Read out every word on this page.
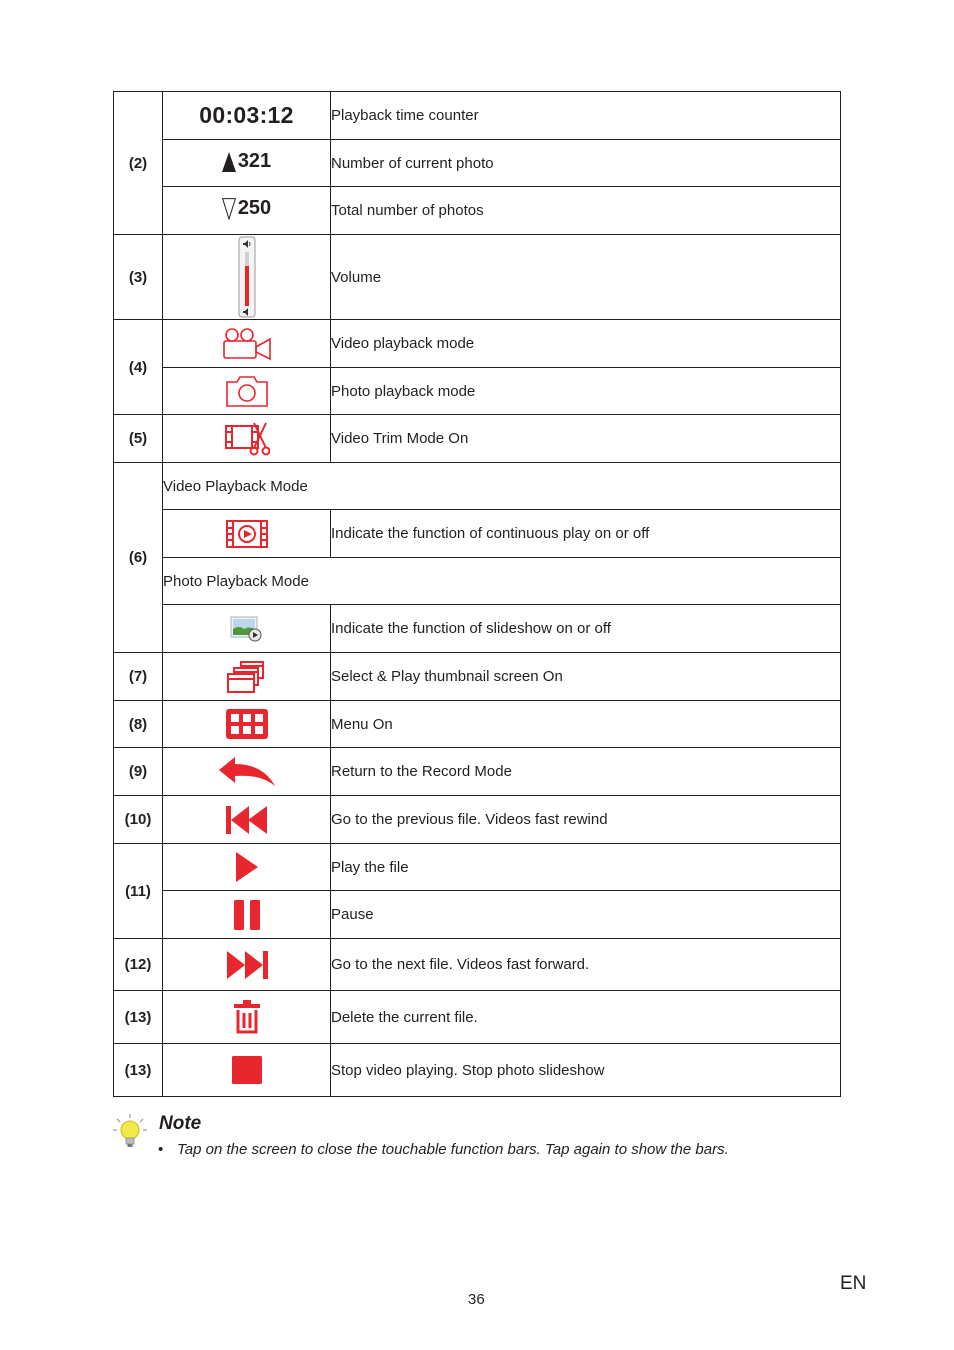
(2)	00:03:12	Playback time counter

	321	Number of current photo

	250	Total number of photos
(3)		Volume
(4)		Video playback mode

	Photo playback mode
(5)		Video Trim Mode On
(6)	Video Playback Mode	

	Indicate the function of continuous play on or off
	Photo Playback Mode	

	Indicate the function of slideshow on or off
(7)		Select & Play thumbnail screen On
(8)		Menu On
(9)		Return to the Record Mode
(10)		Go to the previous file. Videos fast rewind
(11)		Play the file

	Pause
(12)		Go to the next file. Videos fast forward.
(13)		Delete the current file.
(13)		Stop video playing. Stop photo slideshow
Note
• Tap on the screen to close the touchable function bars. Tap again to show the bars.
EN
36
